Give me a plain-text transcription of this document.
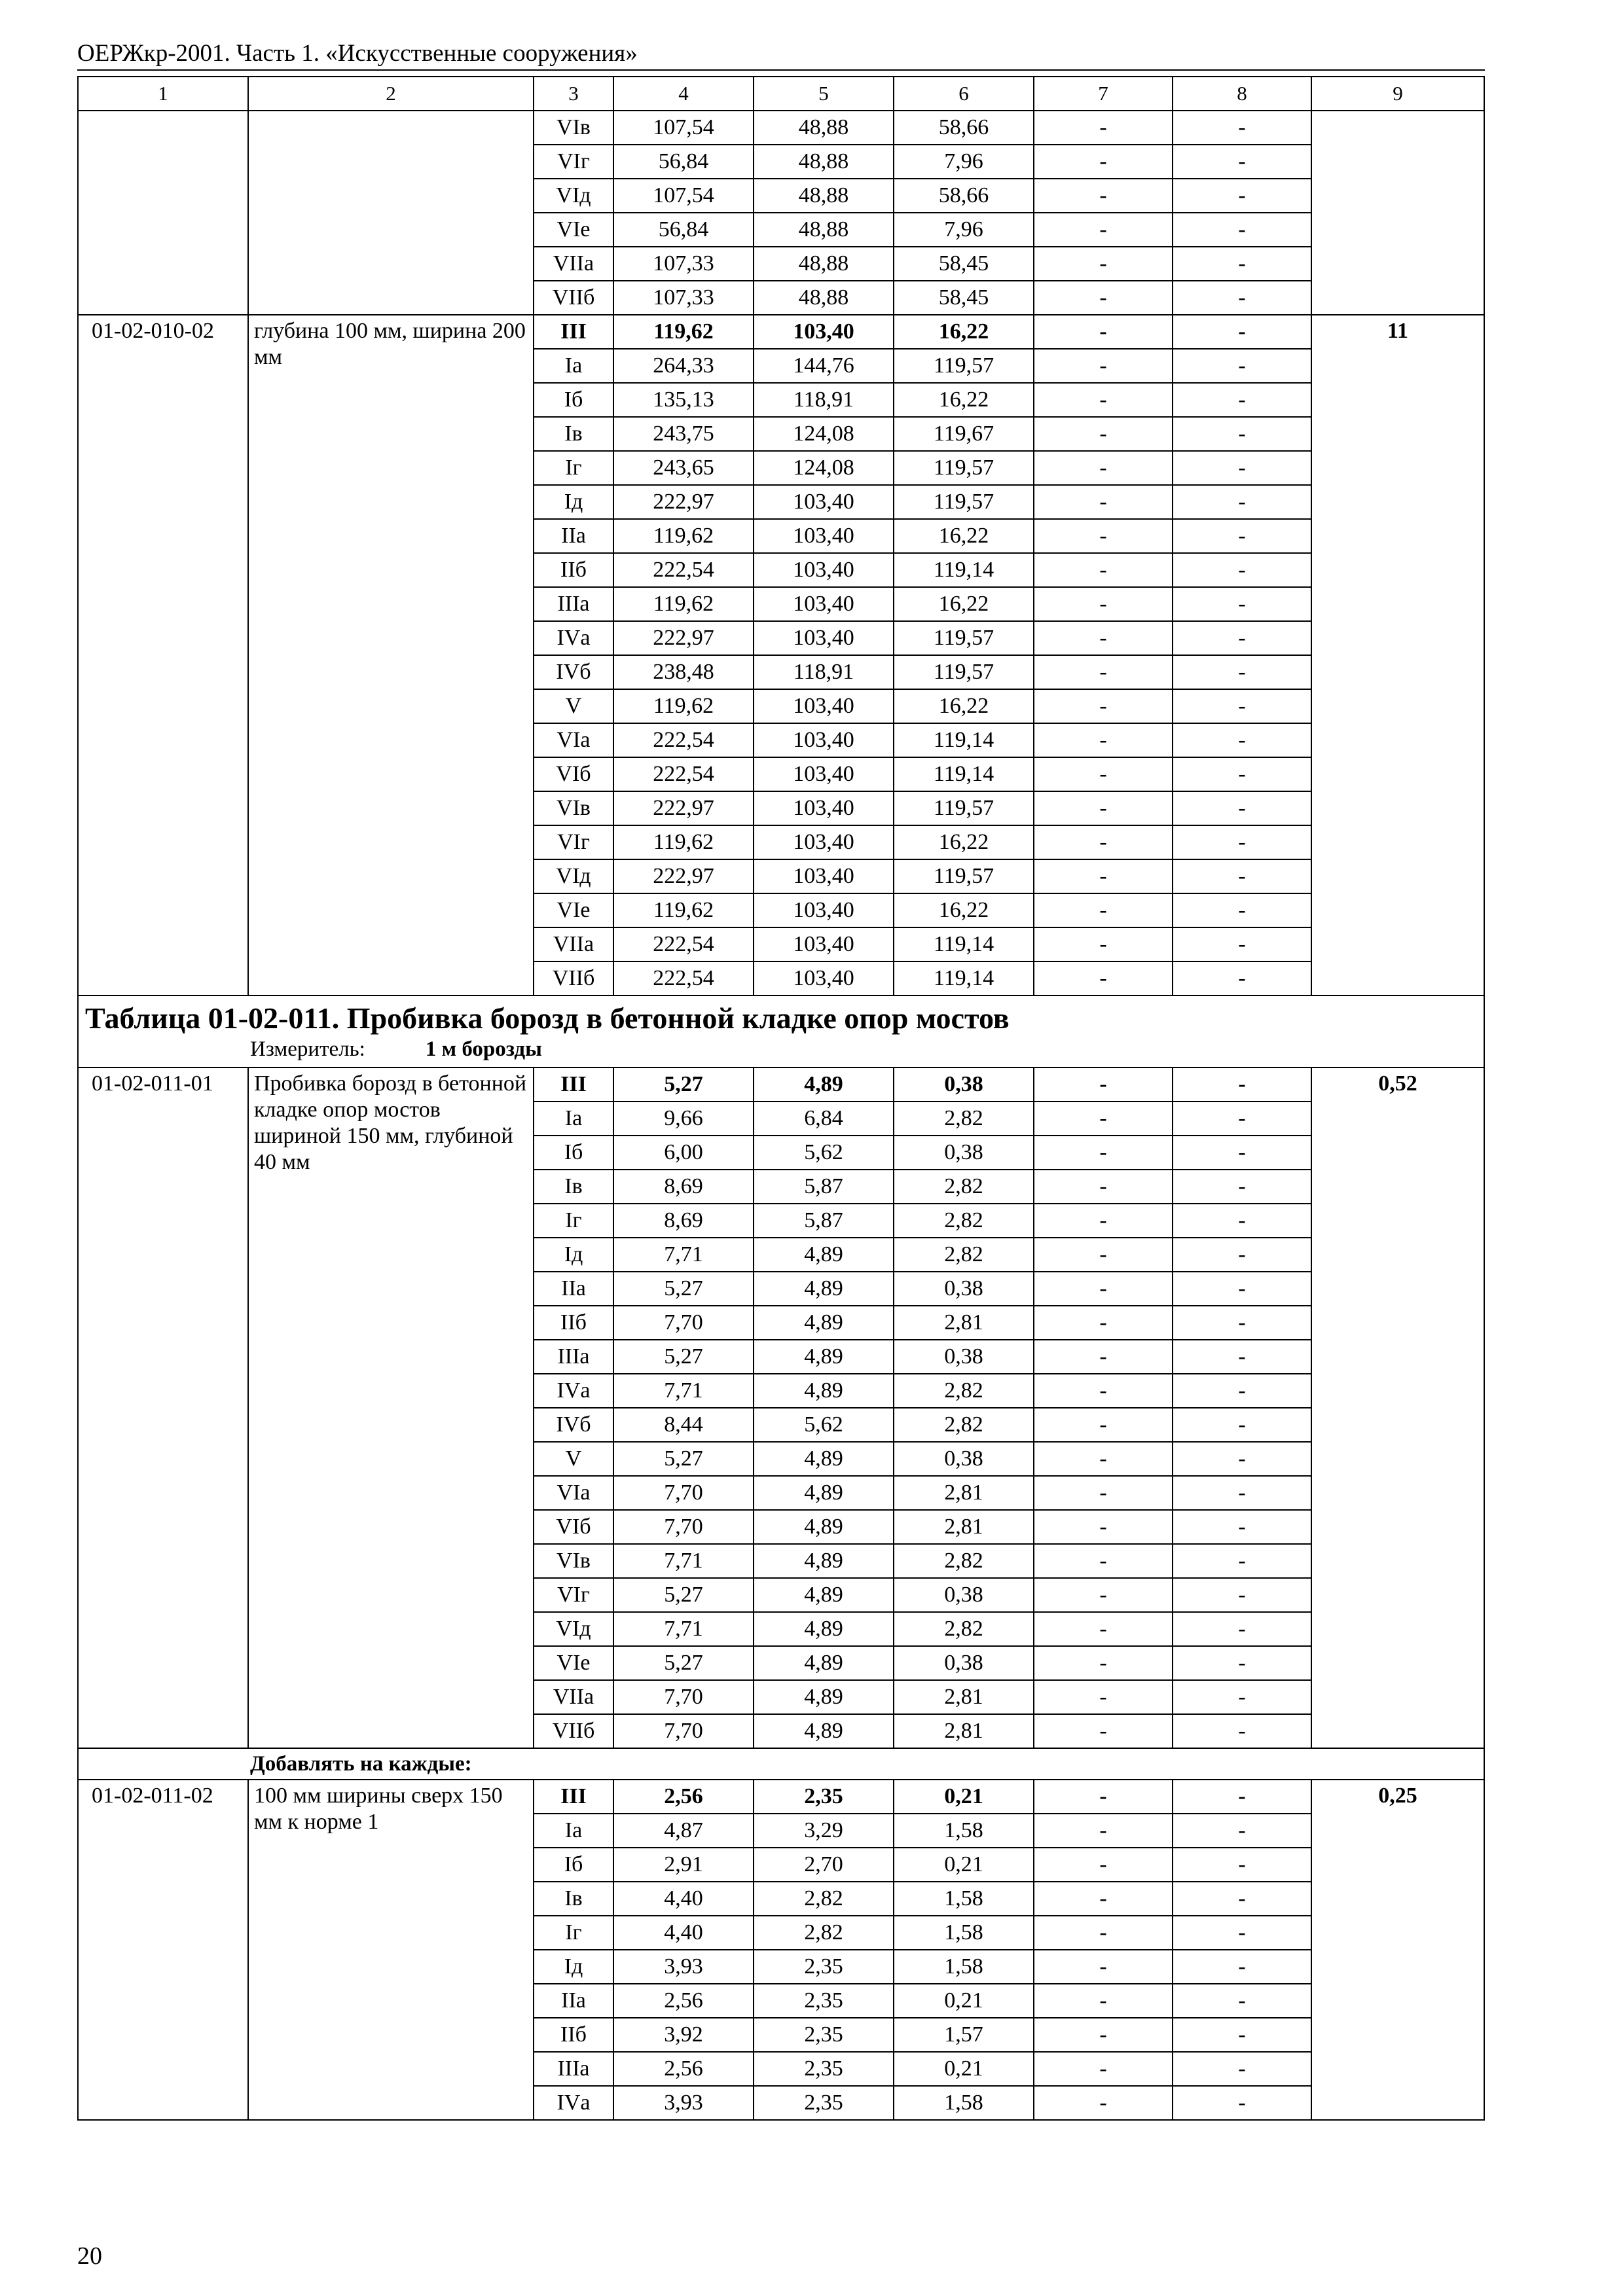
ОЕРЖкр-2001. Часть 1. «Искусственные сооружения»
1	2	3	4	5	6	7	8	9
		VIв	107,54	48,88	58,66	-	-	
		VIг	56,84	48,88	7,96	-	-	
		VIд	107,54	48,88	58,66	-	-	
		VIе	56,84	48,88	7,96	-	-	
		VIIа	107,33	48,88	58,45	-	-	
		VIIб	107,33	48,88	58,45	-	-	
01-02-010-02	глубина 100 мм, ширина 200 мм	III	119,62	103,40	16,22	-	-	11
		Iа	264,33	144,76	119,57	-	-	
		Iб	135,13	118,91	16,22	-	-	
		Iв	243,75	124,08	119,67	-	-	
		Iг	243,65	124,08	119,57	-	-	
		Iд	222,97	103,40	119,57	-	-	
		IIа	119,62	103,40	16,22	-	-	
		IIб	222,54	103,40	119,14	-	-	
		IIIа	119,62	103,40	16,22	-	-	
		IVа	222,97	103,40	119,57	-	-	
		IVб	238,48	118,91	119,57	-	-	
		V	119,62	103,40	16,22	-	-	
		VIа	222,54	103,40	119,14	-	-	
		VIб	222,54	103,40	119,14	-	-	
		VIв	222,97	103,40	119,57	-	-	
		VIг	119,62	103,40	16,22	-	-	
		VIд	222,97	103,40	119,57	-	-	
		VIе	119,62	103,40	16,22	-	-	
		VIIа	222,54	103,40	119,14	-	-	
		VIIб	222,54	103,40	119,14	-	-	

Таблица 01-02-011. Пробивка борозд в бетонной кладке опор мостов
Измеритель: 1 м борозды								

01-02-011-01	Пробивка борозд в бетонной кладке опор мостов шириной 150 мм, глубиной 40 мм	III	5,27	4,89	0,38	-	-	0,52
		Iа	9,66	6,84	2,82	-	-	
		Iб	6,00	5,62	0,38	-	-	
		Iв	8,69	5,87	2,82	-	-	
		Iг	8,69	5,87	2,82	-	-	
		Iд	7,71	4,89	2,82	-	-	
		IIа	5,27	4,89	0,38	-	-	
		IIб	7,70	4,89	2,81	-	-	
		IIIа	5,27	4,89	0,38	-	-	
		IVа	7,71	4,89	2,82	-	-	
		IVб	8,44	5,62	2,82	-	-	
		V	5,27	4,89	0,38	-	-	
		VIа	7,70	4,89	2,81	-	-	
		VIб	7,70	4,89	2,81	-	-	
		VIв	7,71	4,89	2,82	-	-	
		VIг	5,27	4,89	0,38	-	-	
		VIд	7,71	4,89	2,82	-	-	
		VIе	5,27	4,89	0,38	-	-	
		VIIа	7,70	4,89	2,81	-	-	
		VIIб	7,70	4,89	2,81	-	-	
Добавлять на каждые:								
01-02-011-02	100 мм ширины сверх 150 мм к норме 1	III	2,56	2,35	0,21	-	-	0,25
		Iа	4,87	3,29	1,58	-	-	
		Iб	2,91	2,70	0,21	-	-	
		Iв	4,40	2,82	1,58	-	-	
		Iг	4,40	2,82	1,58	-	-	
		Iд	3,93	2,35	1,58	-	-	
		IIа	2,56	2,35	0,21	-	-	
		IIб	3,92	2,35	1,57	-	-	
		IIIа	2,56	2,35	0,21	-	-	
		IVа	3,93	2,35	1,58	-	-	
20
